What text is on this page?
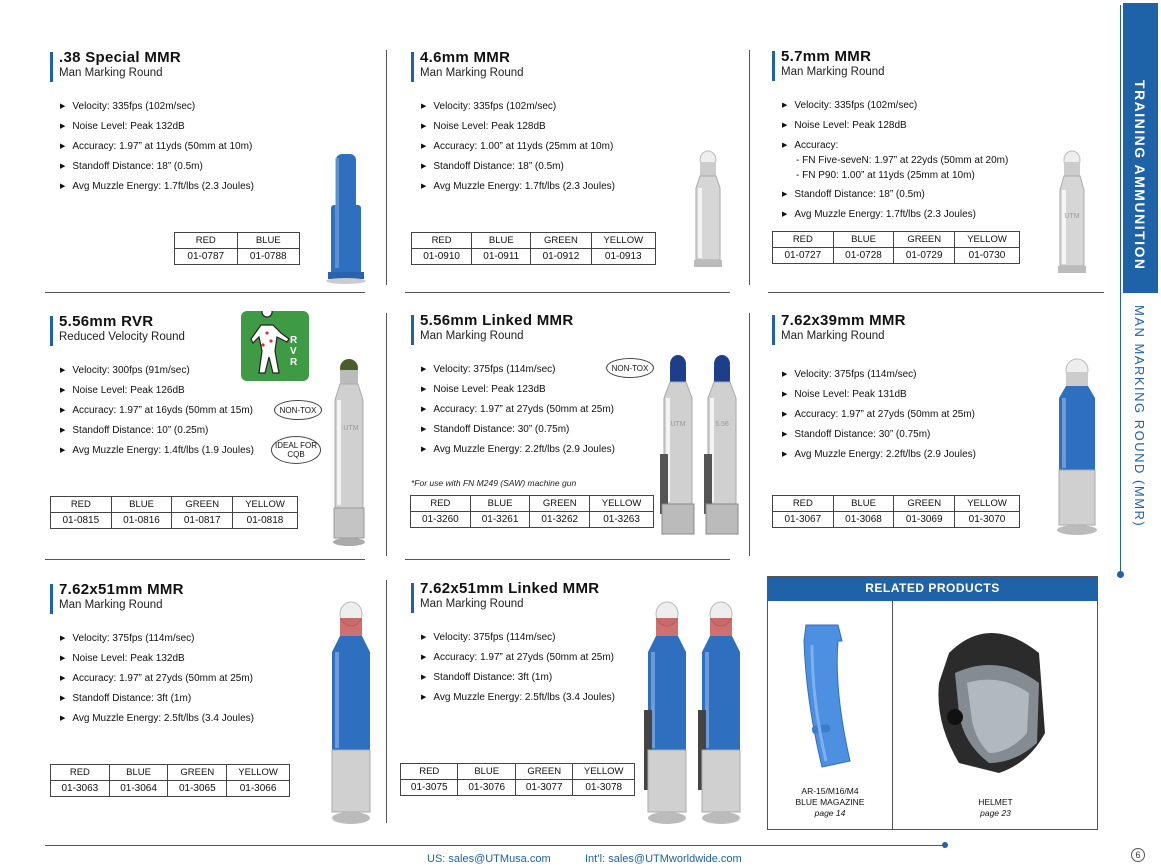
TRAINING AMMUNITION
MAN MARKING ROUND (MMR)
.38 Special MMR
Man Marking Round
▶ Velocity: 335fps (102m/sec)
▶ Noise Level: Peak 132dB
▶ Accuracy: 1.97” at 11yds (50mm at 10m)
▶ Standoff Distance: 18” (0.5m)
▶ Avg Muzzle Energy: 1.7ft/lbs (2.3 Joules)
RED	BLUE
01-0787	01-0788
4.6mm MMR
Man Marking Round
▶ Velocity: 335fps (102m/sec)
▶ Noise Level: Peak 128dB
▶ Accuracy: 1.00” at 11yds (25mm at 10m)
▶ Standoff Distance: 18” (0.5m)
▶ Avg Muzzle Energy: 1.7ft/lbs (2.3 Joules)
RED	BLUE	GREEN	YELLOW
01-0910	01-0911	01-0912	01-0913
5.7mm MMR
Man Marking Round
▶ Velocity: 335fps (102m/sec)
▶ Noise Level: Peak 128dB
▶ Accuracy:
- FN Five-seveN: 1.97” at 22yds (50mm at 20m)
- FN P90: 1.00” at 11yds (25mm at 10m)
▶ Standoff Distance: 18” (0.5m)
▶ Avg Muzzle Energy: 1.7ft/lbs (2.3 Joules)
RED	BLUE	GREEN	YELLOW
01-0727	01-0728	01-0729	01-0730
UTM
5.56mm RVR
Reduced Velocity Round
▶ Velocity: 300fps (91m/sec)
▶ Noise Level: Peak 126dB
▶ Accuracy: 1.97” at 16yds (50mm at 15m)
▶ Standoff Distance: 10” (0.25m)
▶ Avg Muzzle Energy: 1.4ft/lbs (1.9 Joules)
RVR
NON-TOX
IDEAL FOR CQB
RED	BLUE	GREEN	YELLOW
01-0815	01-0816	01-0817	01-0818
UTM
5.56mm Linked MMR
Man Marking Round
▶ Velocity: 375fps (114m/sec)
▶ Noise Level: Peak 123dB
▶ Accuracy: 1.97” at 27yds (50mm at 25m)
▶ Standoff Distance: 30” (0.75m)
▶ Avg Muzzle Energy: 2.2ft/lbs (2.9 Joules)
NON-TOX
*For use with FN M249 (SAW) machine gun
RED	BLUE	GREEN	YELLOW
01-3260	01-3261	01-3262	01-3263
UTM	5.56
7.62x39mm MMR
Man Marking Round
▶ Velocity: 375fps (114m/sec)
▶ Noise Level: Peak 131dB
▶ Accuracy: 1.97” at 27yds (50mm at 25m)
▶ Standoff Distance: 30” (0.75m)
▶ Avg Muzzle Energy: 2.2ft/lbs (2.9 Joules)
RED	BLUE	GREEN	YELLOW
01-3067	01-3068	01-3069	01-3070
7.62x51mm MMR
Man Marking Round
▶ Velocity: 375fps (114m/sec)
▶ Noise Level: Peak 132dB
▶ Accuracy: 1.97” at 27yds (50mm at 25m)
▶ Standoff Distance: 3ft (1m)
▶ Avg Muzzle Energy: 2.5ft/lbs (3.4 Joules)
RED	BLUE	GREEN	YELLOW
01-3063	01-3064	01-3065	01-3066
7.62x51mm Linked MMR
Man Marking Round
▶ Velocity: 375fps (114m/sec)
▶ Accuracy: 1.97” at 27yds (50mm at 25m)
▶ Standoff Distance: 3ft (1m)
▶ Avg Muzzle Energy: 2.5ft/lbs (3.4 Joules)
RED	BLUE	GREEN	YELLOW
01-3075	01-3076	01-3077	01-3078
RELATED PRODUCTS
AR-15/M16/M4
BLUE MAGAZINE
page 14
HELMET
page 23
US: sales@UTMusa.com	Int’l: sales@UTMworldwide.com	6
